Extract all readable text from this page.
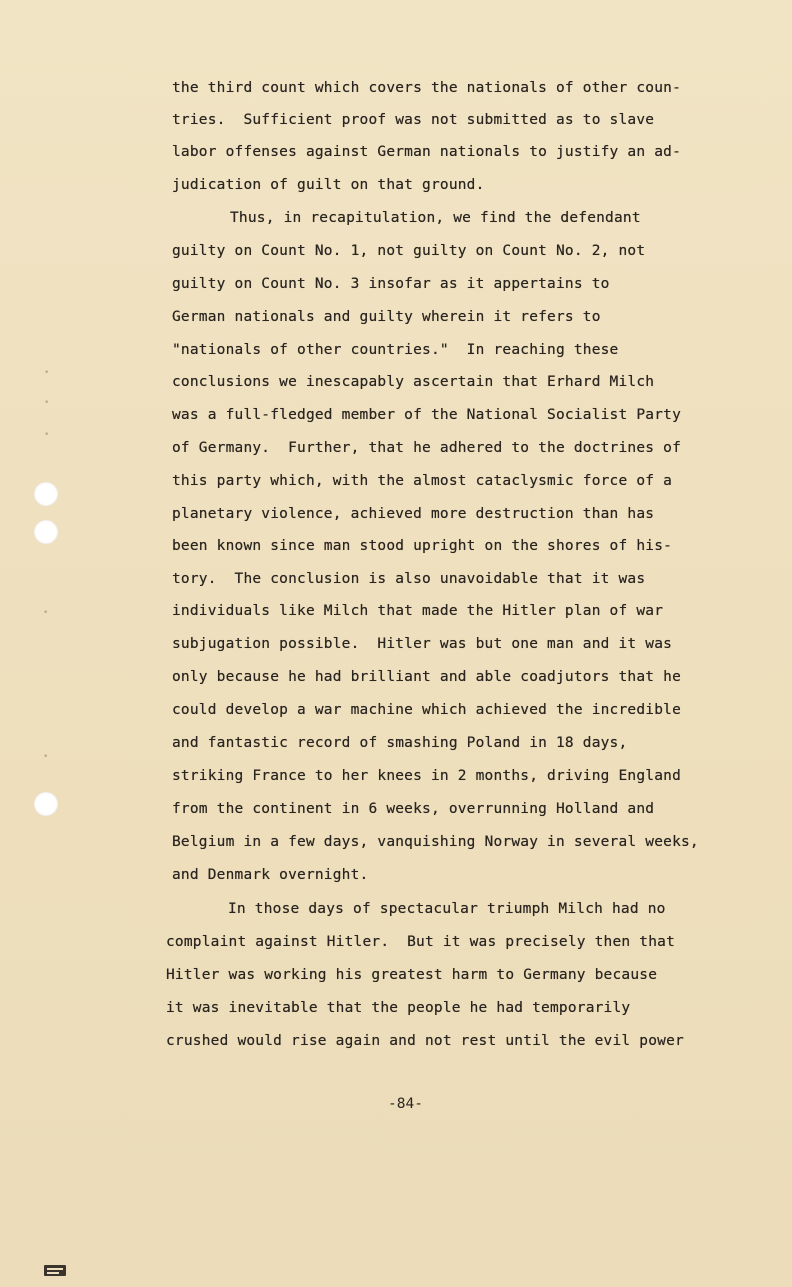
•
•
•
•
•
the third count which covers the nationals of other coun-
tries.  Sufficient proof was not submitted as to slave
labor offenses against German nationals to justify an ad-
judication of guilt on that ground.
Thus, in recapitulation, we find the defendant
guilty on Count No. 1, not guilty on Count No. 2, not
guilty on Count No. 3 insofar as it appertains to
German nationals and guilty wherein it refers to
"nationals of other countries."  In reaching these
conclusions we inescapably ascertain that Erhard Milch
was a full-fledged member of the National Socialist Party
of Germany.  Further, that he adhered to the doctrines of
this party which, with the almost cataclysmic force of a
planetary violence, achieved more destruction than has
been known since man stood upright on the shores of his-
tory.  The conclusion is also unavoidable that it was
individuals like Milch that made the Hitler plan of war
subjugation possible.  Hitler was but one man and it was
only because he had brilliant and able coadjutors that he
could develop a war machine which achieved the incredible
and fantastic record of smashing Poland in 18 days,
striking France to her knees in 2 months, driving England
from the continent in 6 weeks, overrunning Holland and
Belgium in a few days, vanquishing Norway in several weeks,
and Denmark overnight.
In those days of spectacular triumph Milch had no
complaint against Hitler.  But it was precisely then that
Hitler was working his greatest harm to Germany because
it was inevitable that the people he had temporarily
crushed would rise again and not rest until the evil power
-84-
